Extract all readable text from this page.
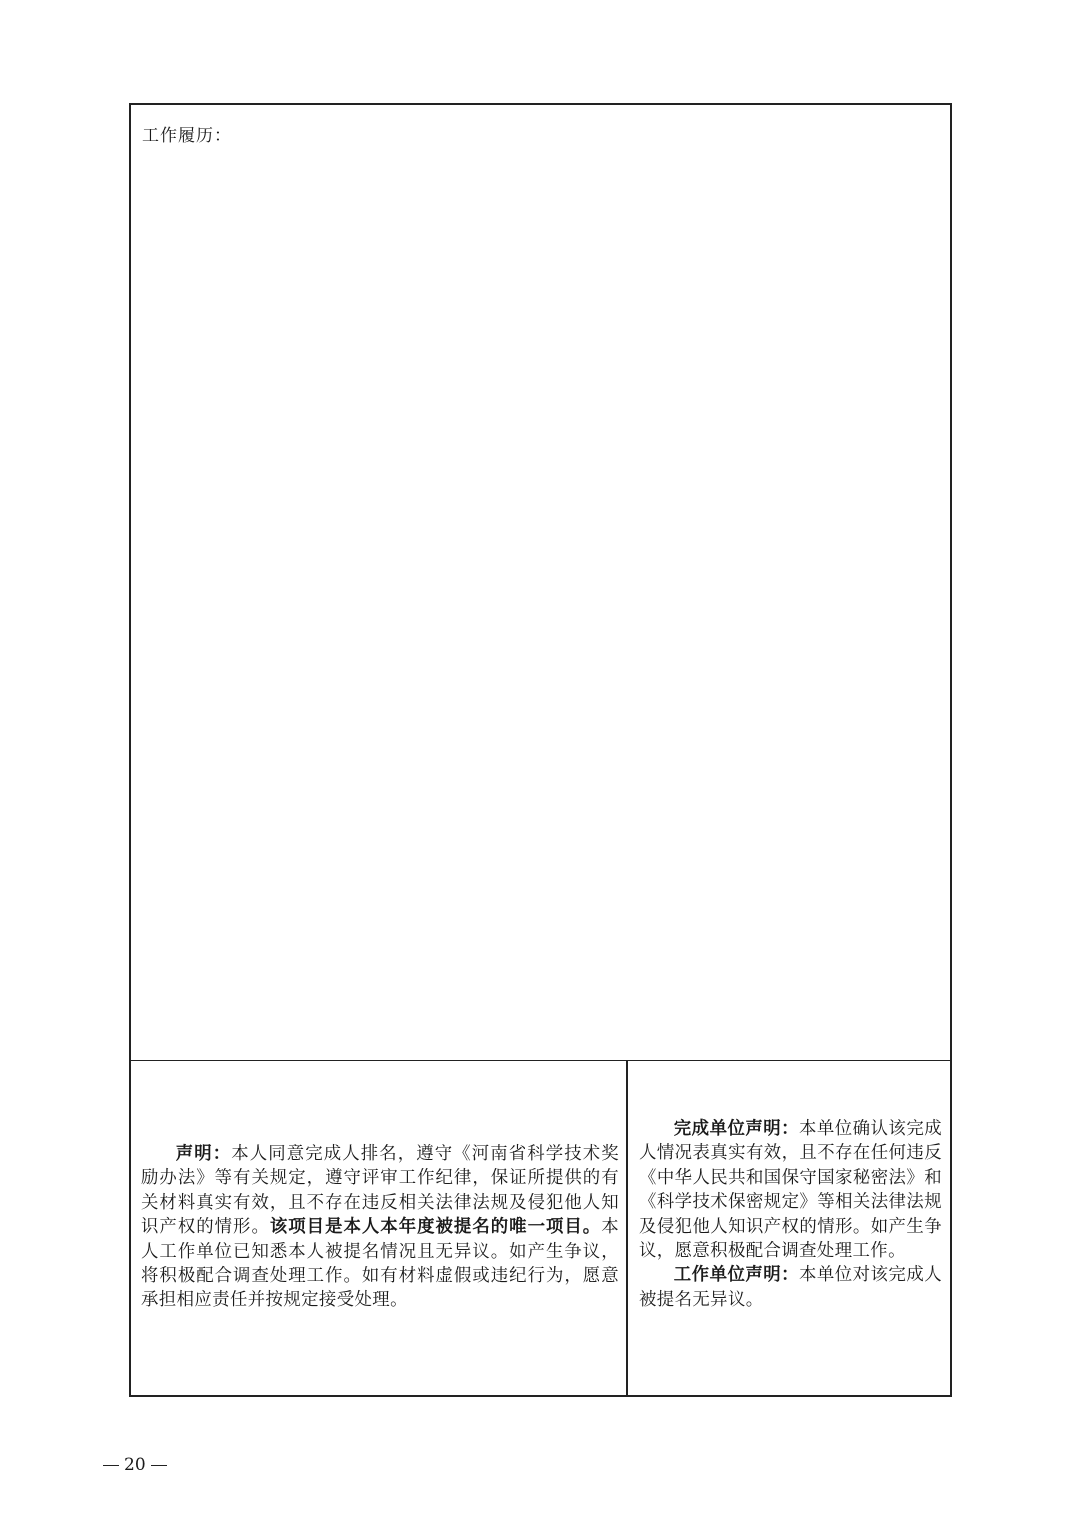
工作履历：

声明：本人同意完成人排名，遵守《河南省科学技术奖励办法》等有关规定，遵守评审工作纪律，保证所提供的有关材料真实有效，且不存在违反相关法律法规及侵犯他人知识产权的情形。该项目是本人本年度被提名的唯一项目。本人工作单位已知悉本人被提名情况且无异议。如产生争议，将积极配合调查处理工作。如有材料虚假或违纪行为，愿意承担相应责任并按规定接受处理。

完成单位声明：本单位确认该完成人情况表真实有效，且不存在任何违反《中华人民共和国保守国家秘密法》和《科学技术保密规定》等相关法律法规及侵犯他人知识产权的情形。如产生争议，愿意积极配合调查处理工作。

工作单位声明：本单位对该完成人被提名无异议。

20
